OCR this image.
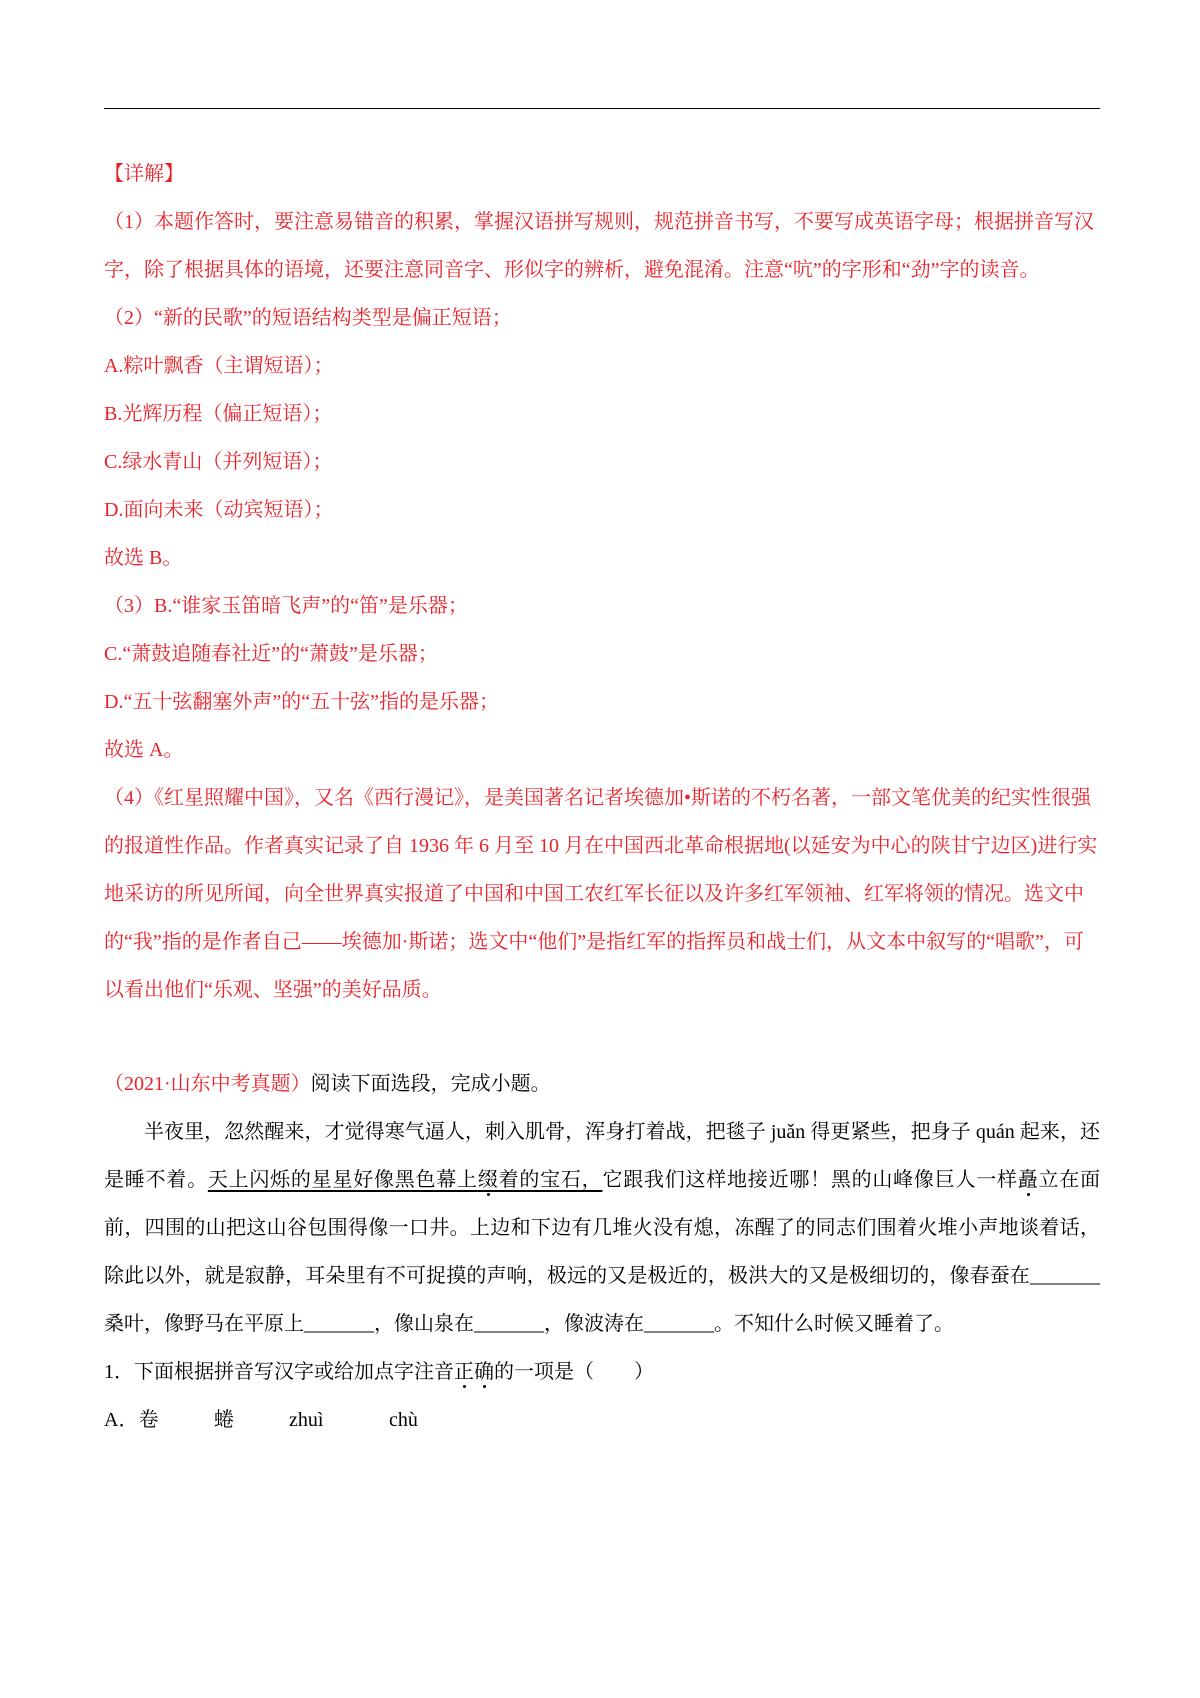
【详解】

（1）本题作答时，要注意易错音的积累，掌握汉语拼写规则，规范拼音书写，不要写成英语字母；根据拼音写汉字，除了根据具体的语境，还要注意同音字、形似字的辨析，避免混淆。注意“吭”的字形和“劲”字的读音。

（2）“新的民歌”的短语结构类型是偏正短语；

A.粽叶飘香（主谓短语）；

B.光辉历程（偏正短语）；

C.绿水青山（并列短语）；

D.面向未来（动宾短语）；

故选 B。

（3）B.“谁家玉笛暗飞声”的“笛”是乐器；

C.“萧鼓追随春社近”的“萧鼓”是乐器；

D.“五十弦翻塞外声”的“五十弦”指的是乐器；

故选 A。

（4）《红星照耀中国》，又名《西行漫记》，是美国著名记者埃德加•斯诺的不朽名著，一部文笔优美的纪实性很强的报道性作品。作者真实记录了自 1936 年 6 月至 10 月在中国西北革命根据地(以延安为中心的陕甘宁边区)进行实地采访的所见所闻，向全世界真实报道了中国和中国工农红军长征以及许多红军领袖、红军将领的情况。选文中的“我”指的是作者自己——埃德加·斯诺；选文中“他们”是指红军的指挥员和战士们，从文本中叙写的“唱歌”，可以看出他们“乐观、坚强”的美好品质。

（2021·山东中考真题）阅读下面选段，完成小题。

半夜里，忽然醒来，才觉得寒气逼人，刺入肌骨，浑身打着战，把毯子 juǎn 得更紧些，把身子 quán 起来，还是睡不着。天上闪烁的星星好像黑色幕上缀着的宝石，它跟我们这样地接近哪！黑的山峰像巨人一样矗立在面前，四围的山把这山谷包围得像一口井。上边和下边有几堆火没有熄，冻醒了的同志们围着火堆小声地谈着话，除此以外，就是寂静，耳朵里有不可捉摸的声响，极远的又是极近的，极洪大的又是极细切的，像春蚕在_______桑叶，像野马在平原上_______，像山泉在_______，像波涛在_______。不知什么时候又睡着了。

1．下面根据拼音写汉字或给加点字注音正确的一项是（　　）

A．卷	蜷	zhuì	chù
